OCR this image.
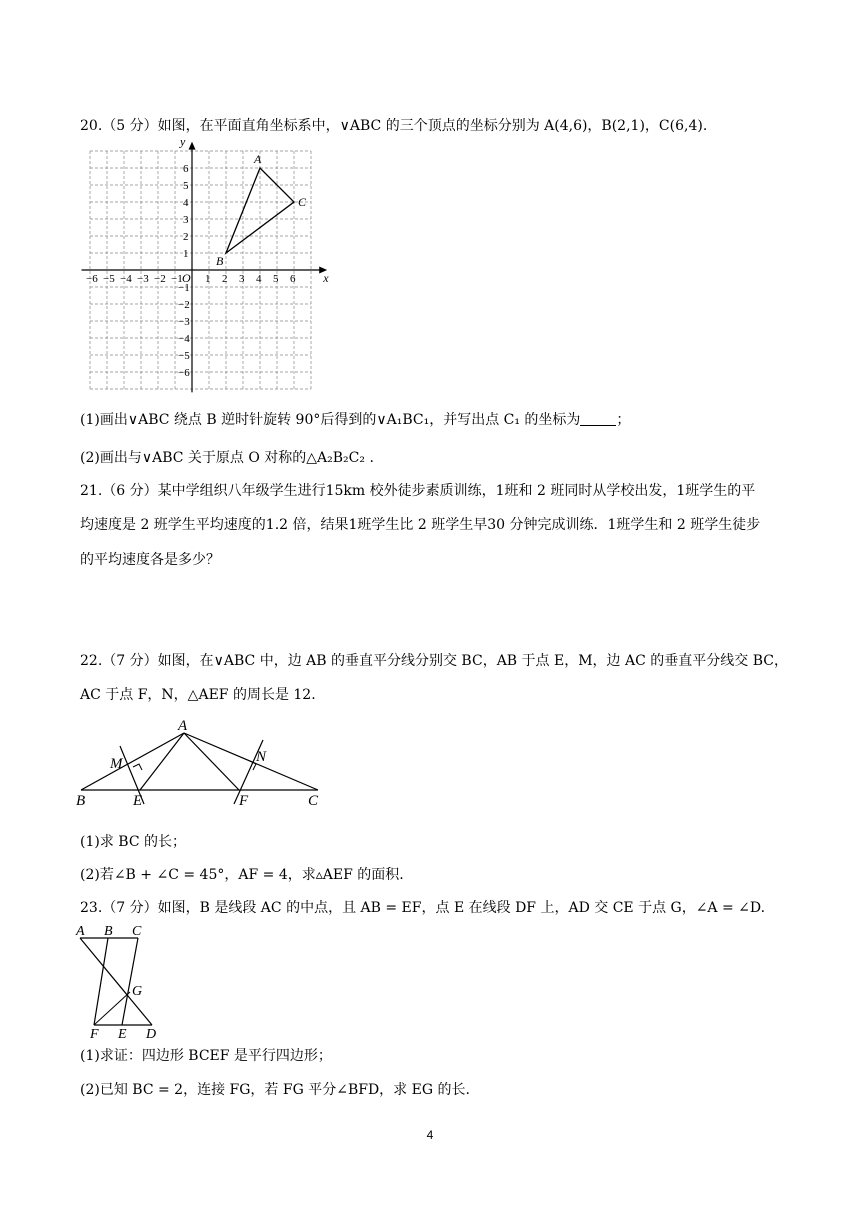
20.（5 分）如图，在平面直角坐标系中，∨ABC 的三个顶点的坐标分别为 A(4,6)，B(2,1)，C(6,4).
−6 −5 −4 −3 −2 −1 1 2 3 4 5 6
6
5
4
3
2
1
−1
−2
−3
−4
−5
−6
O	x
y
A
B
C
(1)画出∨ABC 绕点 B 逆时针旋转 90°后得到的∨A₁BC₁，并写出点 C₁ 的坐标为	；
(2)画出与∨ABC 关于原点 O 对称的△A₂B₂C₂ .
21.（6 分）某中学组织八年级学生进行15km 校外徒步素质训练，1班和 2 班同时从学校出发，1班学生的平
均速度是 2 班学生平均速度的1.2 倍，结果1班学生比 2 班学生早30 分钟完成训练．1班学生和 2 班学生徒步
的平均速度各是多少？
22.（7 分）如图，在∨ABC 中，边 AB 的垂直平分线分别交 BC，AB 于点 E，M，边 AC 的垂直平分线交 BC，
AC 于点 F，N，△AEF 的周长是 12.
A
B	C
E	F
M	N
(1)求 BC 的长；
(2)若∠B + ∠C = 45°，AF = 4，求▵AEF 的面积.
23.（7 分）如图，B 是线段 AC 的中点，且 AB = EF，点 E 在线段 DF 上，AD 交 CE 于点 G，∠A = ∠D.
A B C
G
F E D
(1)求证：四边形 BCEF 是平行四边形；
(2)已知 BC = 2，连接 FG，若 FG 平分∠BFD，求 EG 的长.
4
